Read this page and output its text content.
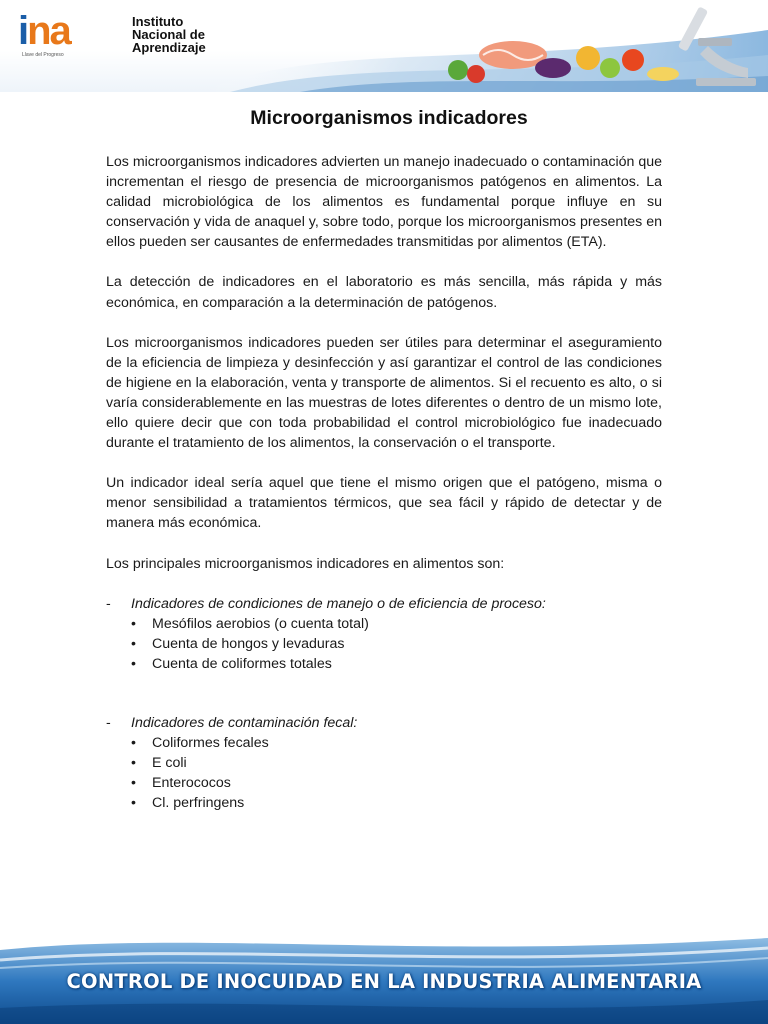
ina
Llave del Progreso
Instituto
Nacional de
Aprendizaje
Microorganismos indicadores

Los microorganismos indicadores advierten un manejo inadecuado o contaminación que incrementan el riesgo de presencia de microorganismos patógenos en alimentos. La calidad microbiológica de los alimentos es fundamental porque influye en su conservación y vida de anaquel y, sobre todo, porque los microorganismos presentes en ellos pueden ser causantes de enfermedades transmitidas por alimentos (ETA).

La detección de indicadores en el laboratorio es más sencilla, más rápida y más económica, en comparación a la determinación de patógenos.

Los microorganismos indicadores pueden ser útiles para determinar el aseguramiento de la eficiencia de limpieza y desinfección y así garantizar el control de las condiciones de higiene en la elaboración, venta y transporte de alimentos. Si el recuento es alto, o si varía considerablemente en las muestras de lotes diferentes o dentro de un mismo lote, ello quiere decir que con toda probabilidad el control microbiológico fue inadecuado durante el tratamiento de los alimentos, la conservación o el transporte.

Un indicador ideal sería aquel que tiene el mismo origen que el patógeno, misma o menor sensibilidad a tratamientos térmicos, que sea fácil y rápido de detectar y de manera más económica.

Los principales microorganismos indicadores en alimentos son:

-	Indicadores de condiciones de manejo o de eficiencia de proceso:
•	Mesófilos aerobios (o cuenta total)
•	Cuenta de hongos y levaduras
•	Cuenta de coliformes totales
-	Indicadores de contaminación fecal:
•	Coliformes fecales
•	E coli
•	Enterococos
•	Cl. perfringens
CONTROL DE INOCUIDAD EN LA INDUSTRIA ALIMENTARIA
